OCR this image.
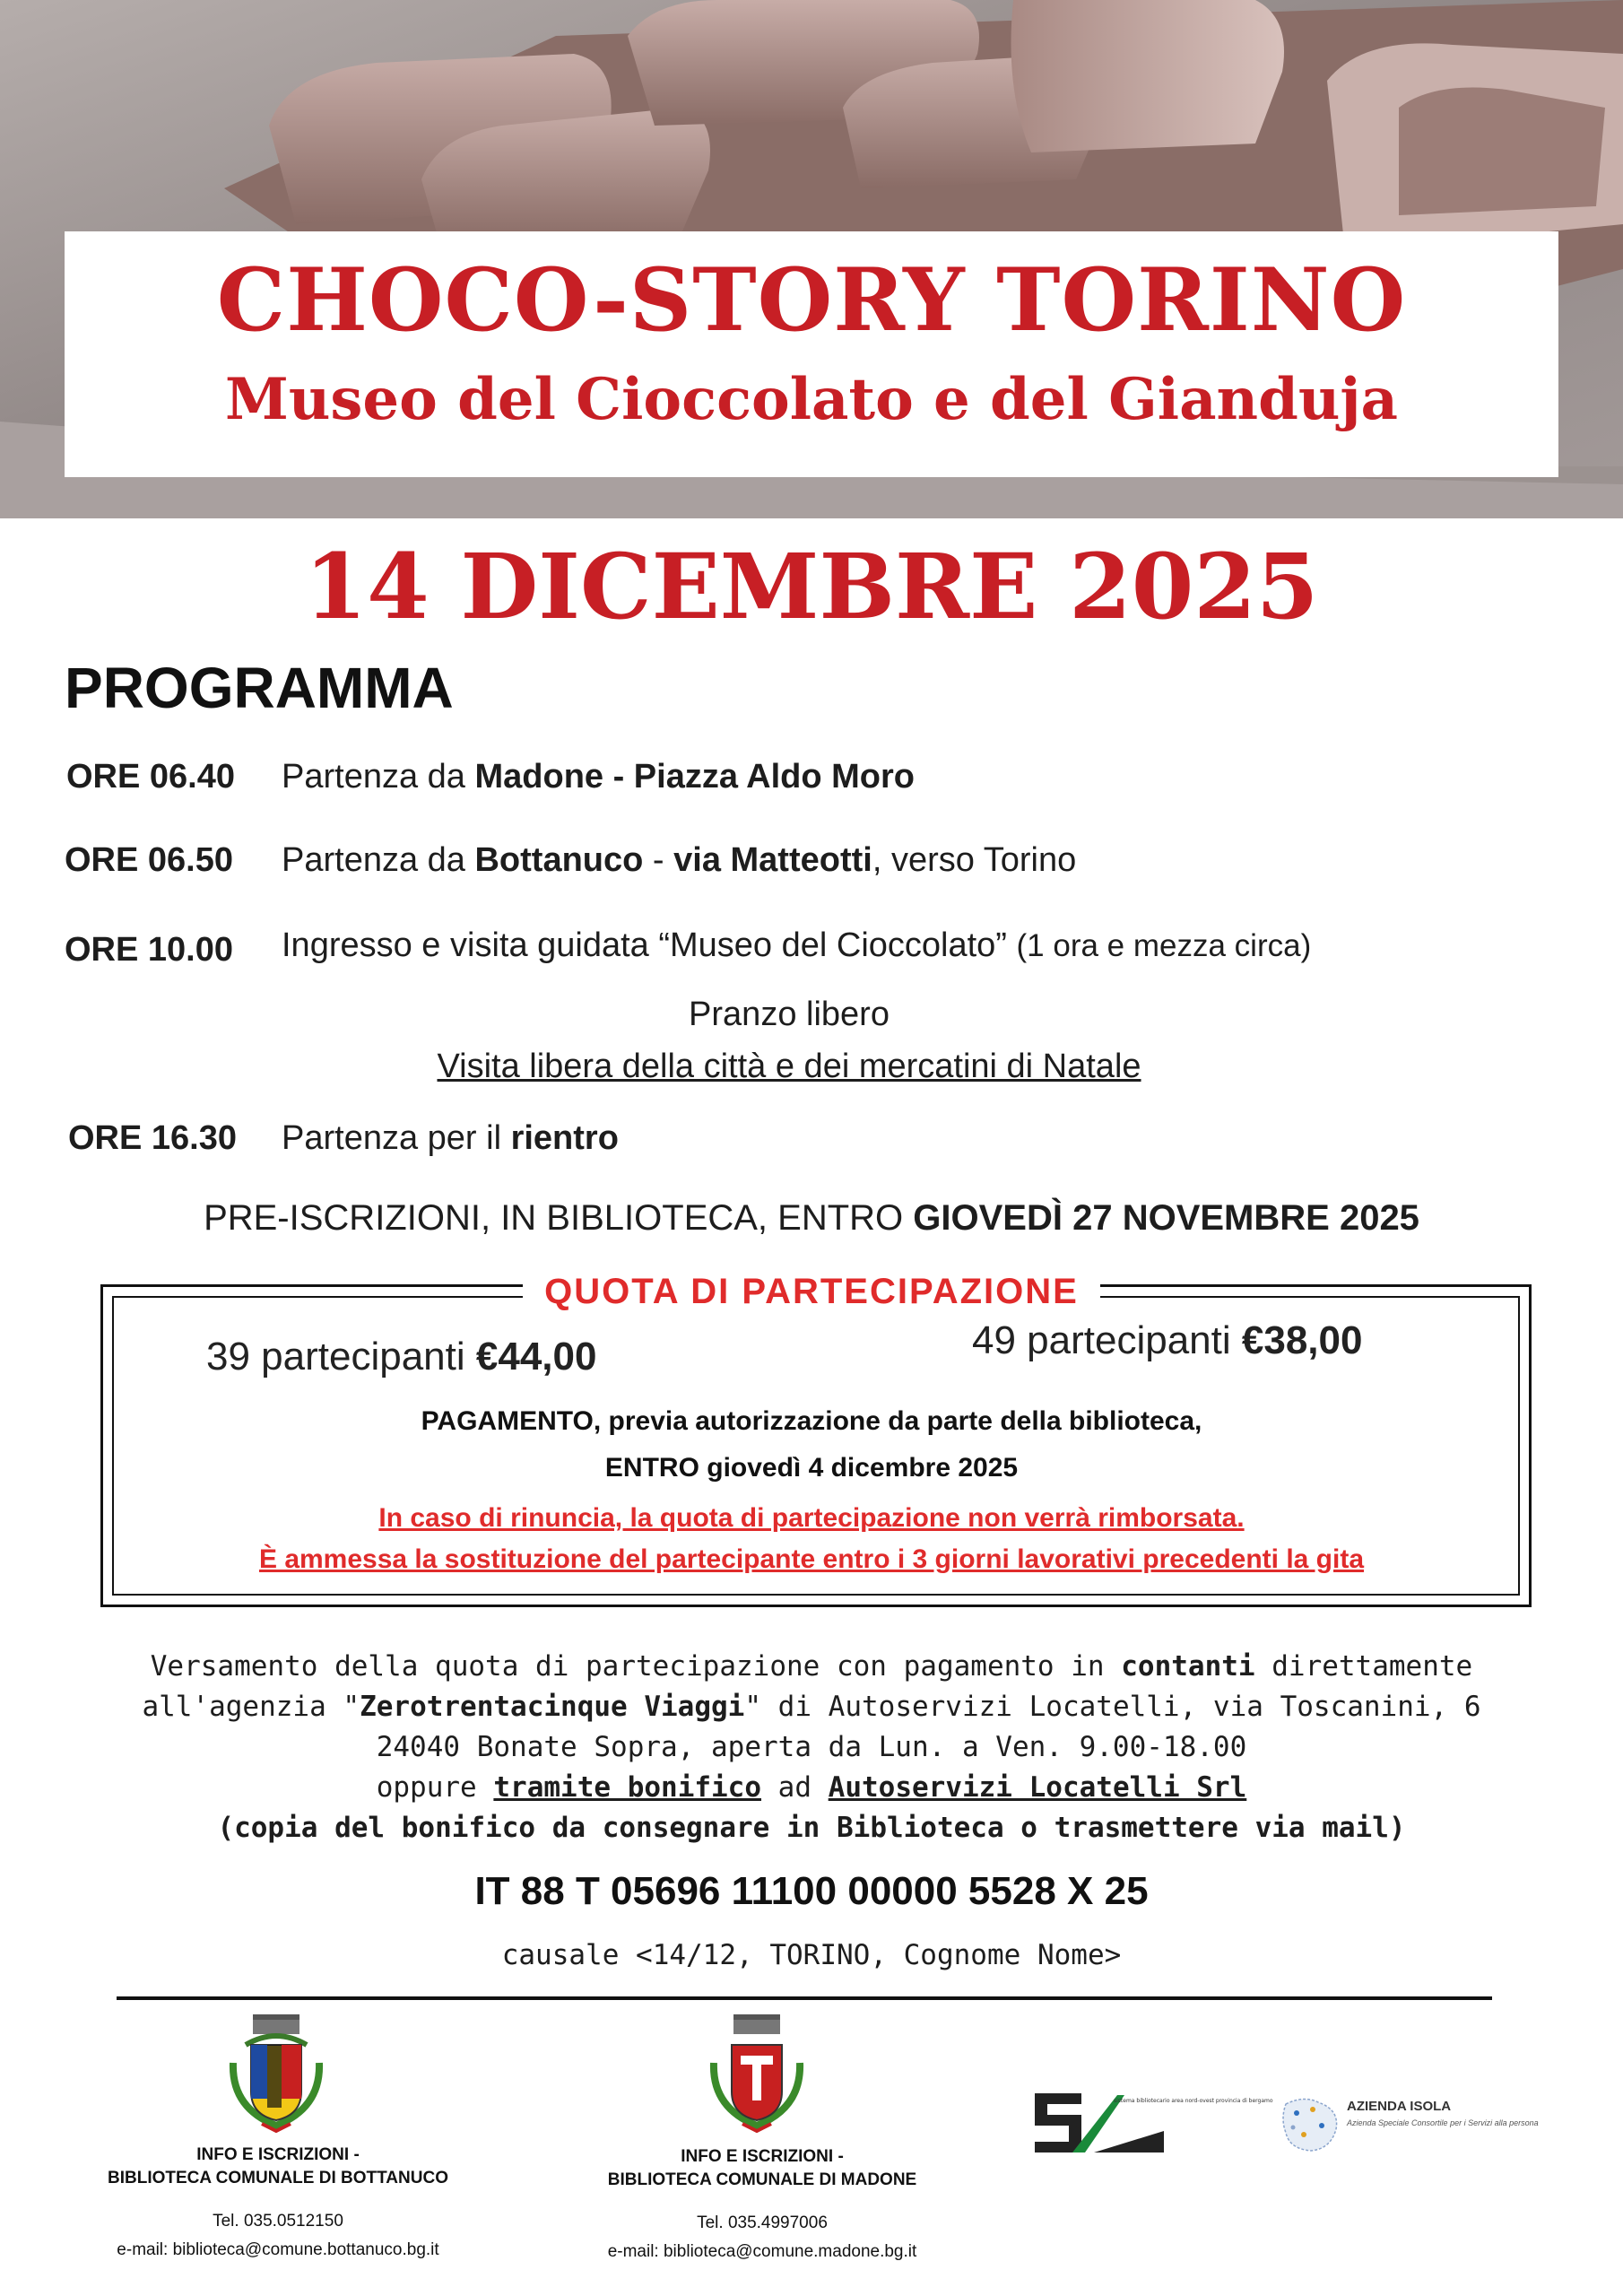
CHOCO-STORY TORINO
Museo del Cioccolato e del Gianduja
14 DICEMBRE 2025
PROGRAMMA
ORE 06.40 Partenza da Madone - Piazza Aldo Moro
ORE 06.50 Partenza da Bottanuco - via Matteotti, verso Torino
ORE 10.00 Ingresso e visita guidata “Museo del Cioccolato” (1 ora e mezza circa)
Pranzo libero
Visita libera della città e dei mercatini di Natale
ORE 16.30 Partenza per il rientro
PRE-ISCRIZIONI, IN BIBLIOTECA, ENTRO GIOVEDÌ 27 NOVEMBRE 2025
QUOTA DI PARTECIPAZIONE
39 partecipanti €44,00	49 partecipanti €38,00
PAGAMENTO, previa autorizzazione da parte della biblioteca,
ENTRO giovedì 4 dicembre 2025
In caso di rinuncia, la quota di partecipazione non verrà rimborsata.
È ammessa la sostituzione del partecipante entro i 3 giorni lavorativi precedenti la gita
Versamento della quota di partecipazione con pagamento in contanti direttamente
all'agenzia "Zerotrentacinque Viaggi" di Autoservizi Locatelli, via Toscanini, 6
24040 Bonate Sopra, aperta da Lun. a Ven. 9.00-18.00
oppure tramite bonifico ad Autoservizi Locatelli Srl
(copia del bonifico da consegnare in Biblioteca o trasmettere via mail)
IT 88 T 05696 11100 00000 5528 X 25
causale <14/12, TORINO, Cognome Nome>
INFO E ISCRIZIONI -
BIBLIOTECA COMUNALE DI BOTTANUCO
Tel. 035.0512150
e-mail: biblioteca@comune.bottanuco.bg.it
INFO E ISCRIZIONI -
BIBLIOTECA COMUNALE DI MADONE
Tel. 035.4997006
e-mail: biblioteca@comune.madone.bg.it
sistema bibliotecario area nord-ovest provincia di bergamo	AZIENDA ISOLA
Azienda Speciale Consortile per i Servizi alla persona
